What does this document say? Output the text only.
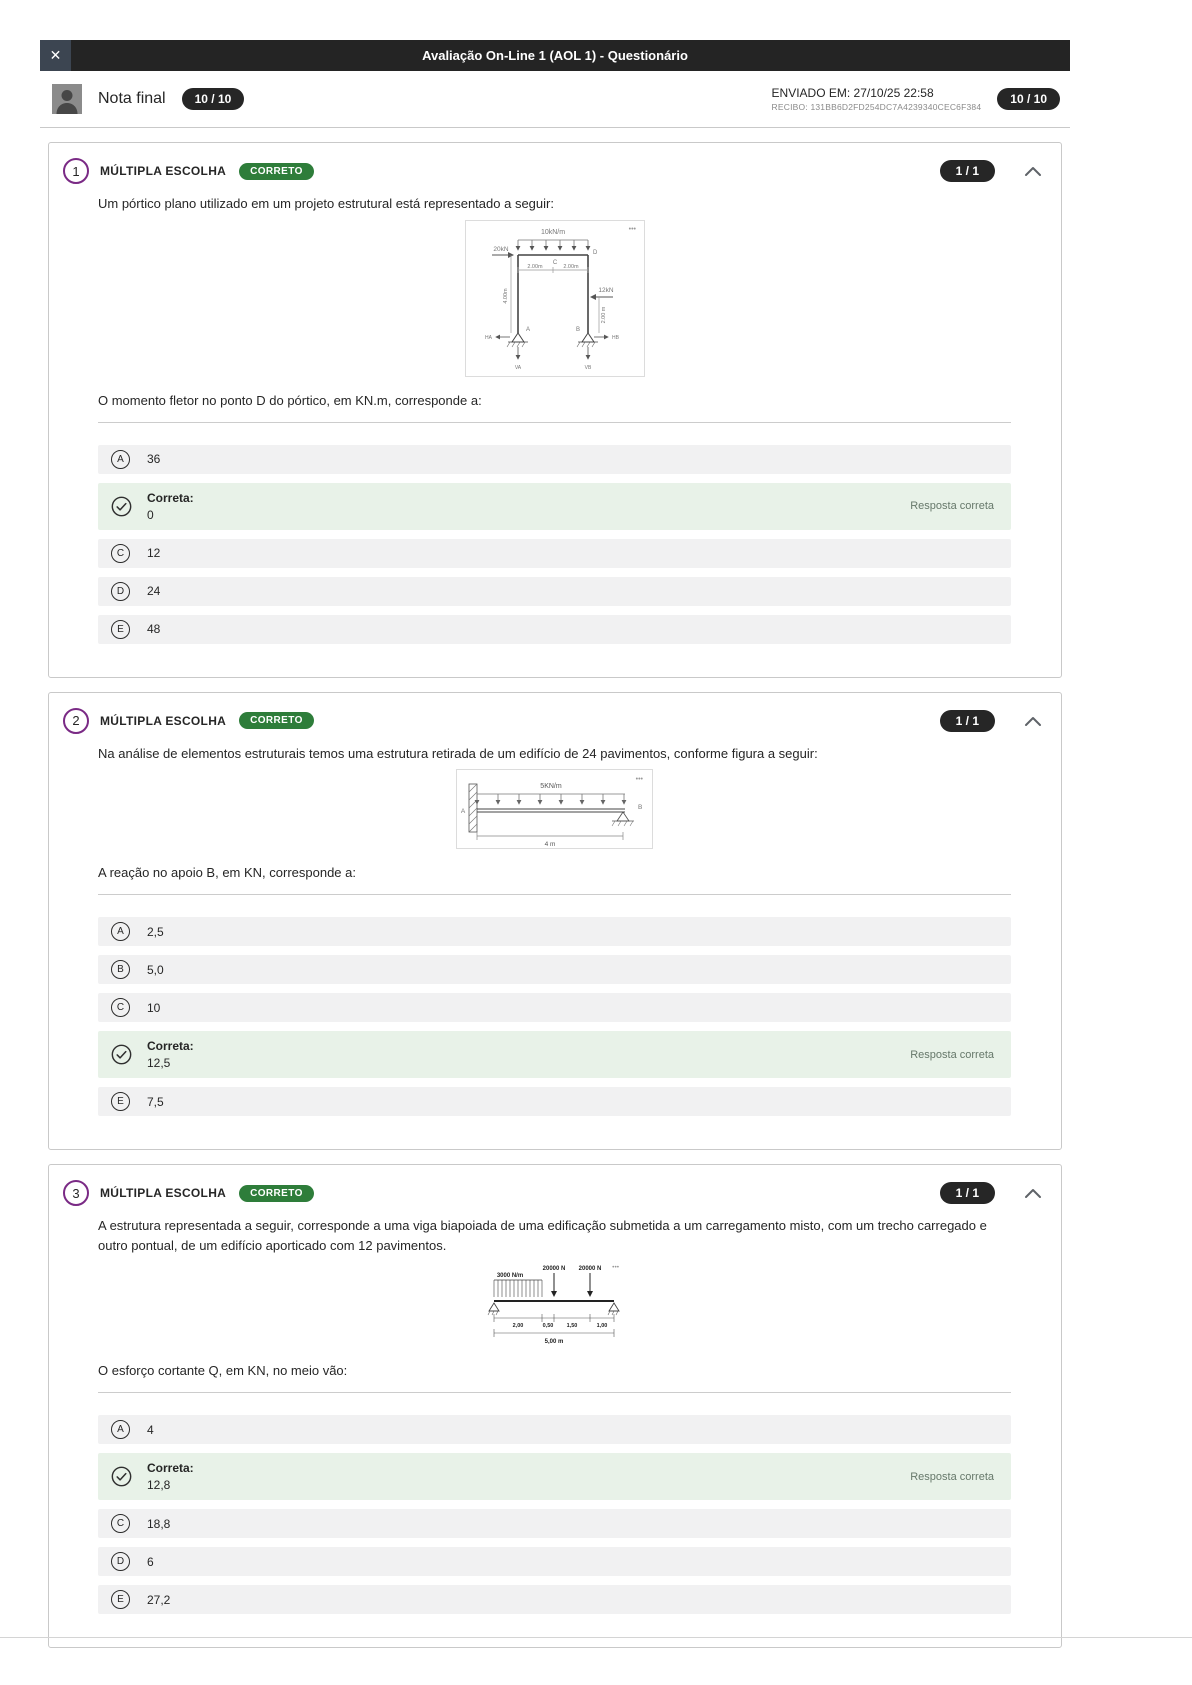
✕	Avaliação On-Line 1 (AOL 1) - Questionário
Nota final	10 / 10	ENVIADO EM: 27/10/25 22:58
RECIBO: 131BB6D2FD254DC7A4239340CEC6F384
10 / 10
1	MÚLTIPLA ESCOLHA	CORRETO	1 / 1
Um pórtico plano utilizado em um projeto estrutural está representado a seguir:
•••
10kN/m
20kN
C
D
2.00m	2.00m
4.00m	12kN
2.00 m
A
HA
VA
B
HB
VB
O momento fletor no ponto D do pórtico, em KN.m, corresponde a:
A	36
Correta:
0
Resposta correta
C	12
D	24
E	48
2	MÚLTIPLA ESCOLHA	CORRETO	1 / 1
Na análise de elementos estruturais temos uma estrutura retirada de um edifício de 24 pavimentos, conforme figura a seguir:
•••
A
5KN/m
B
4 m
A reação no apoio B, em KN, corresponde a:
A	2,5
B	5,0
C	10
Correta:
12,5
Resposta correta
E	7,5
3	MÚLTIPLA ESCOLHA	CORRETO	1 / 1
A estrutura representada a seguir, corresponde a uma viga biapoiada de uma edificação submetida a um carregamento misto, com um trecho carregado e outro pontual, de um edifício aporticado com 12 pavimentos.
•••
20000 N 20000 N
3000 N/m
2,00	0,50 1,50	1,00
5,00 m
O esforço cortante Q, em KN, no meio vão:
A	4
Correta:
12,8
Resposta correta
C	18,8
D	6
E	27,2
